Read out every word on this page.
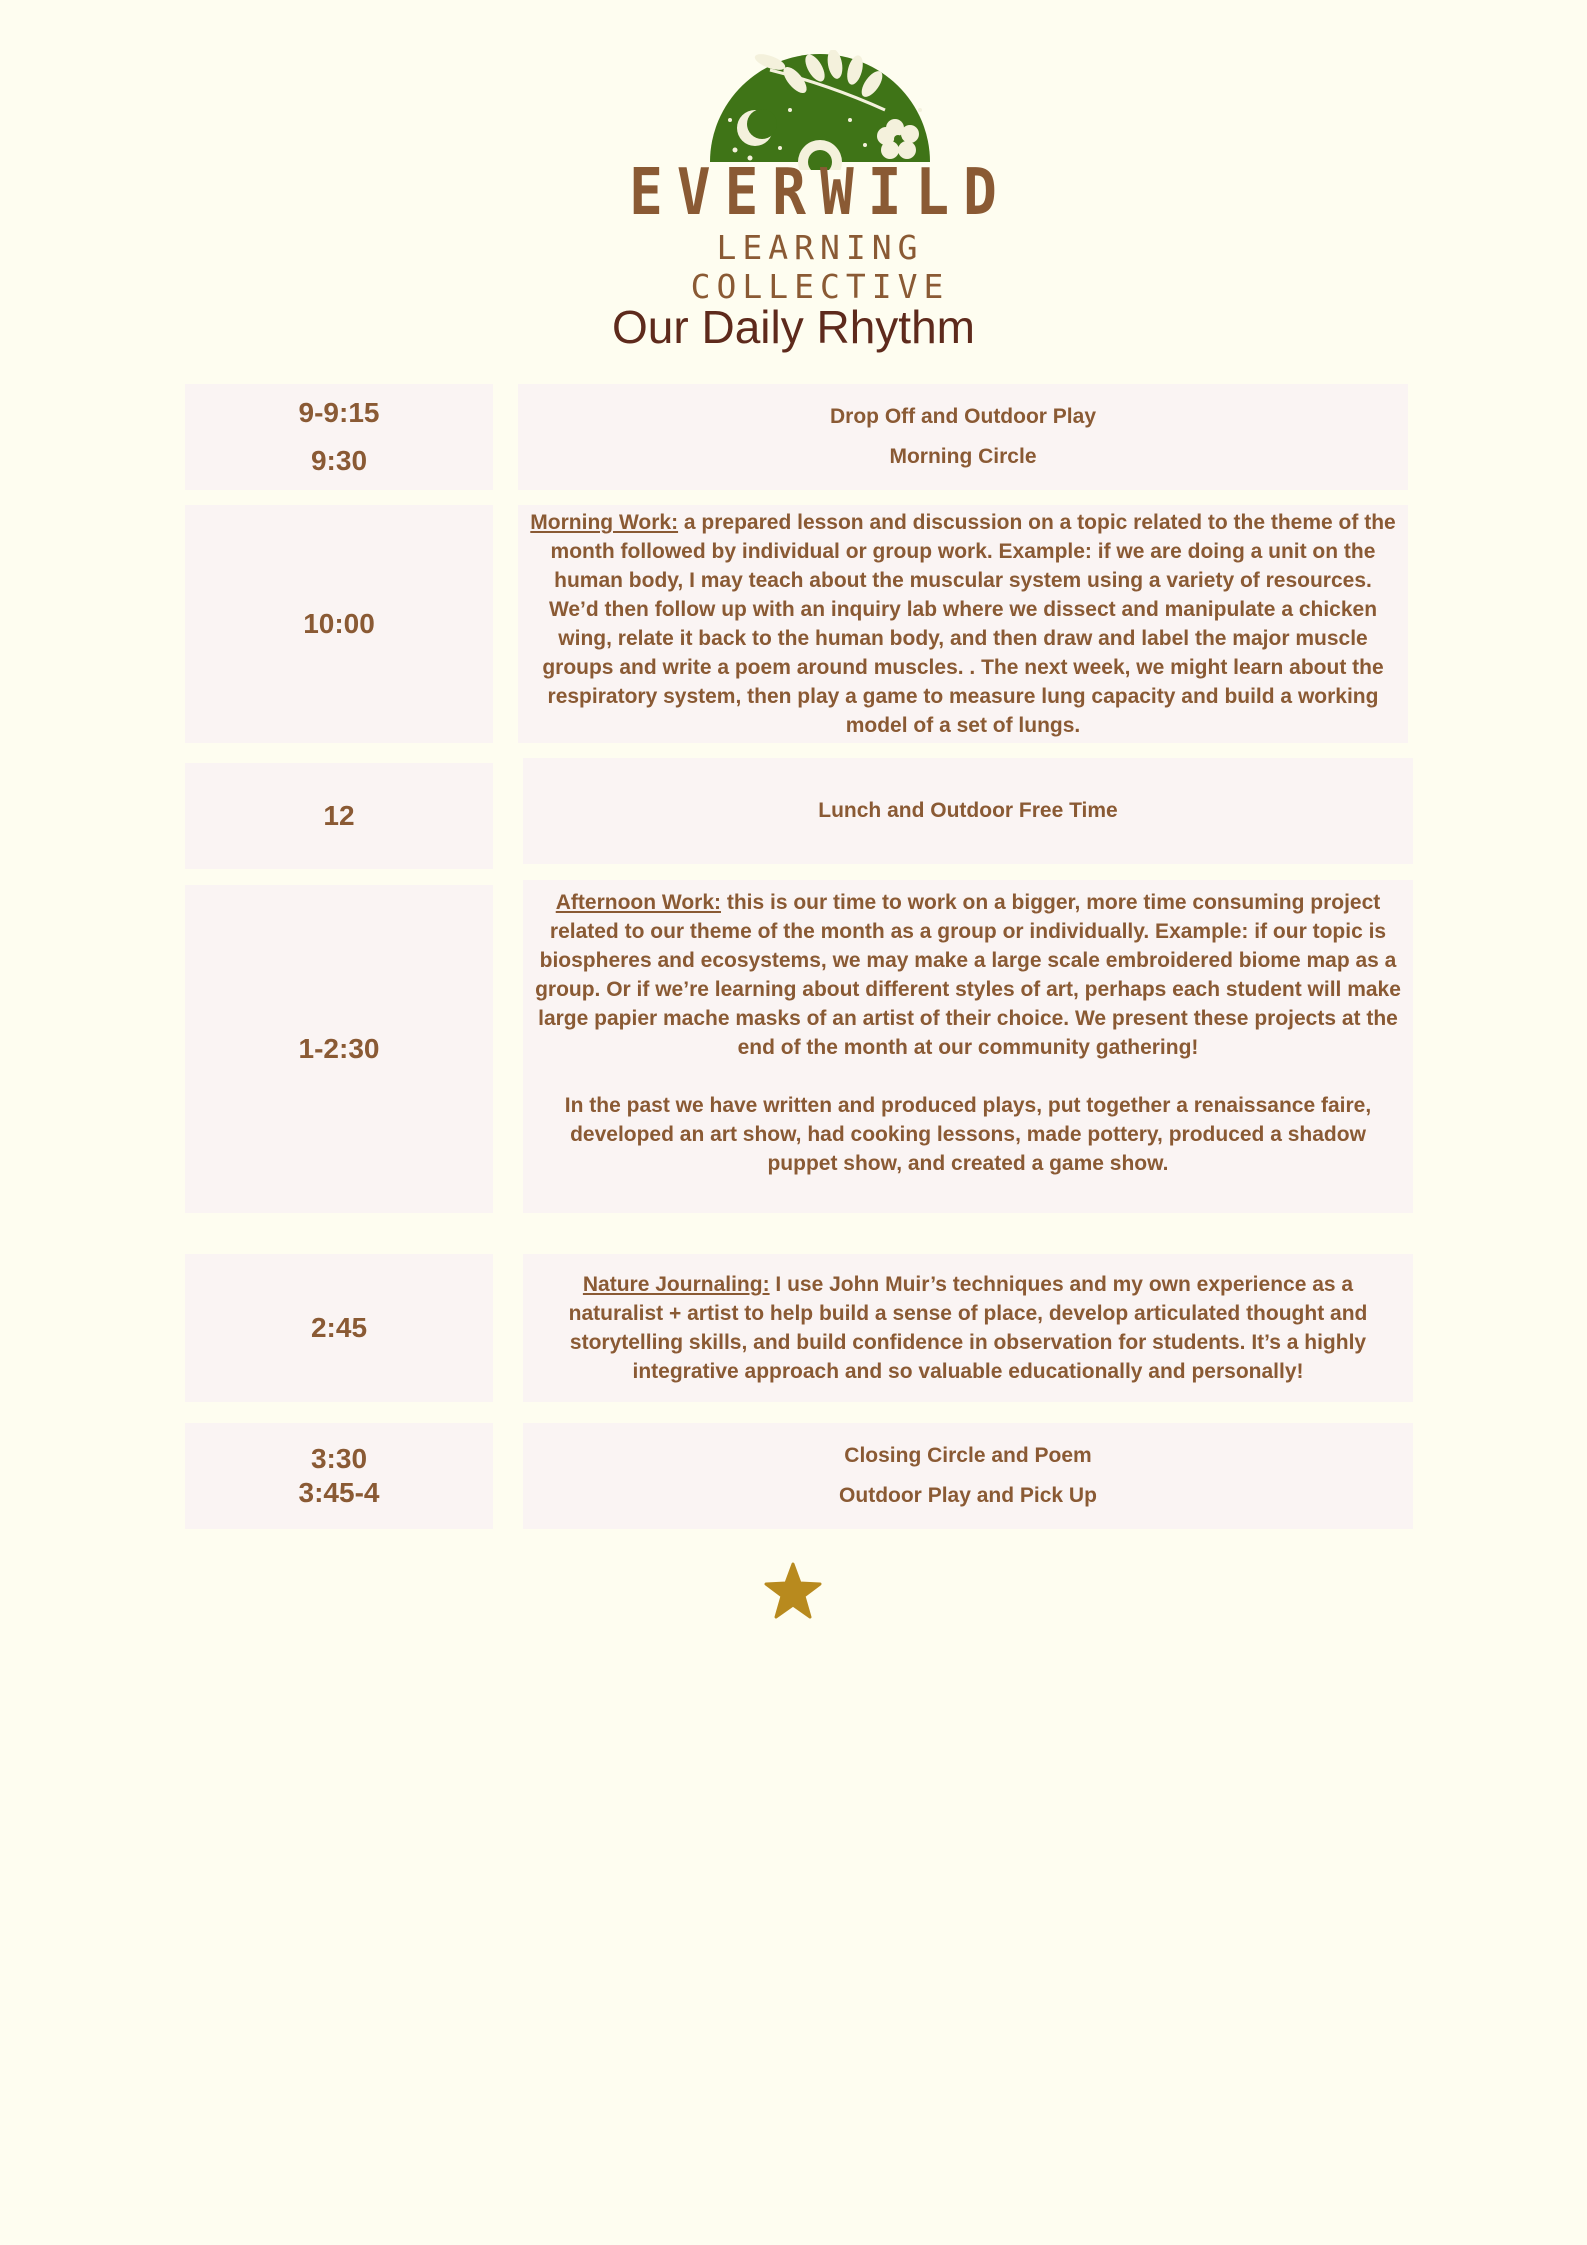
EVERWILD
LEARNING COLLECTIVE
Our Daily Rhythm
9-9:15
9:30
Drop Off and Outdoor Play
Morning Circle
10:00
Morning Work: a prepared lesson and discussion on a topic related to the theme of the month followed by individual or group work. Example: if we are doing a unit on the human body, I may teach about the muscular system using a variety of resources. We’d then follow up with an inquiry lab where we dissect and manipulate a chicken wing, relate it back to the human body, and then draw and label the major muscle groups and write a poem around muscles. . The next week, we might learn about the respiratory system, then play a game to measure lung capacity and build a working model of a set of lungs.
12	Lunch and Outdoor Free Time
1-2:30
Afternoon Work: this is our time to work on a bigger, more time consuming project related to our theme of the month as a group or individually. Example: if our topic is biospheres and ecosystems, we may make a large scale embroidered biome map as a group. Or if we’re learning about different styles of art, perhaps each student will make large papier mache masks of an artist of their choice. We present these projects at the end of the month at our community gathering!
In the past we have written and produced plays, put together a renaissance faire, developed an art show, had cooking lessons, made pottery, produced a shadow puppet show, and created a game show.
2:45
Nature Journaling: I use John Muir’s techniques and my own experience as a naturalist + artist to help build a sense of place, develop articulated thought and storytelling skills, and build confidence in observation for students. It’s a highly integrative approach and so valuable educationally and personally!
3:30
3:45-4
Closing Circle and Poem
Outdoor Play and Pick Up
